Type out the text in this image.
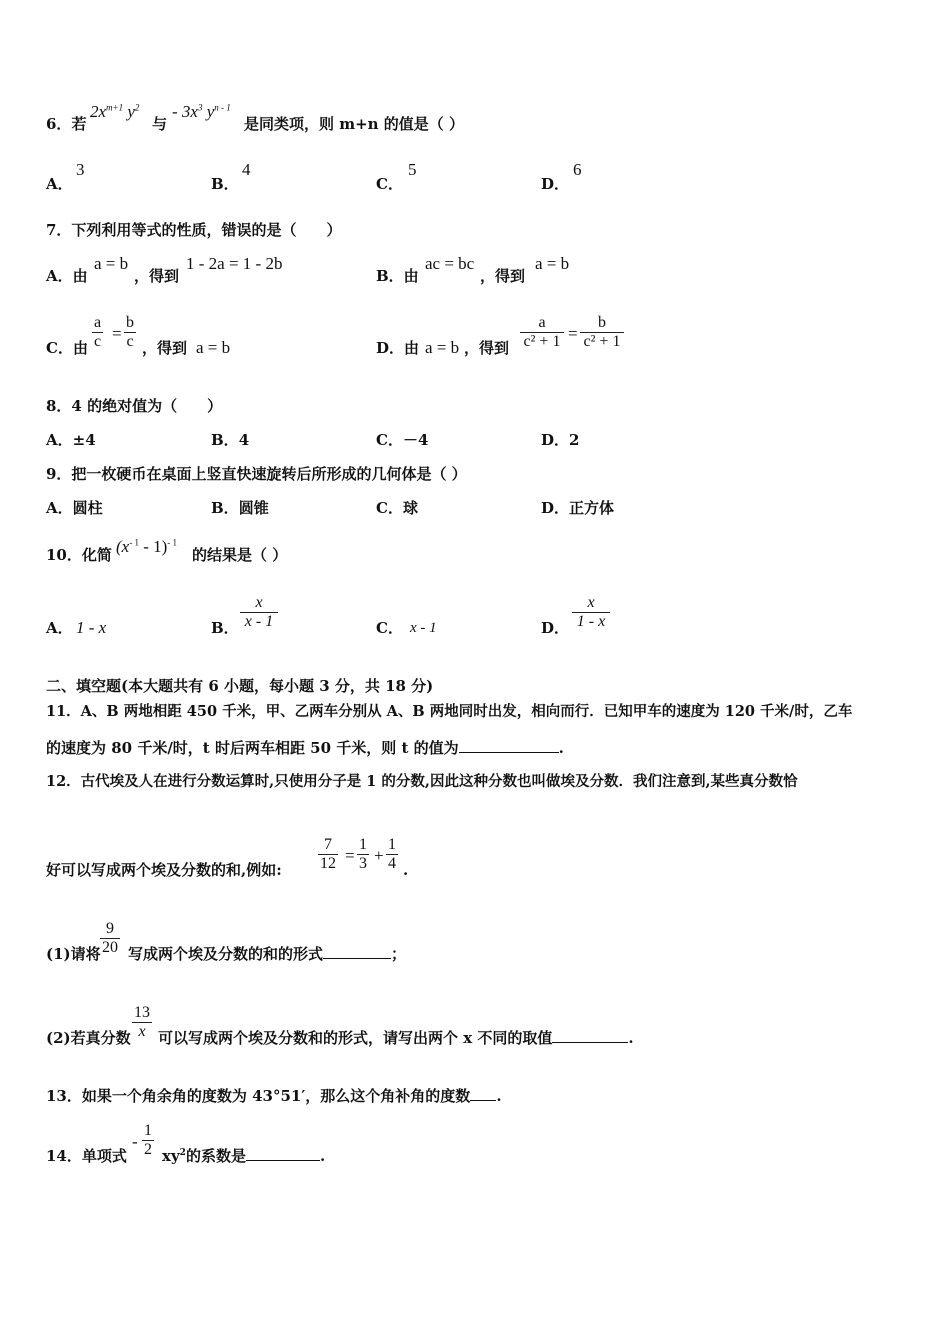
6．若
$2x^{m+1}$ $y^2$
与
- $3x^3$ $y^{n - 1}$
是同类项，则 m+n 的值是（ ）
A．
3
B．
4
C．
5
D．
6
7．下列利用等式的性质，错误的是（　　）
A．由
a = b
，得到
1 - 2a = 1 - 2b
B．由
ac = bc
，得到
a = b
C．由 $\frac{a}{c} = \frac{b}{c}$ ，得到 a = b	D．由 a = b ，得到 $\frac{a}{\text{c² + 1}} = \frac{b}{\text{c² + 1}}$
8．4 的绝对值为（　　）
A．±4	B．4	C．－4	D．2
9．把一枚硬币在桌面上竖直快速旋转后所形成的几何体是（ ）
A．圆柱	B．圆锥	C．球	D．正方体
10．化简 $(x^{- 1} - 1)^{- 1}$
的结果是（ ）
A． 1 - x	B． $\frac{x}{x - 1}$	C． x - 1	D． $\frac{x}{1 - x}$
二、填空题(本大题共有 6 小题，每小题 3 分，共 18 分)
11．A、B 两地相距 450 千米，甲、乙两车分别从 A、B 两地同时出发，相向而行．已知甲车的速度为 120 千米/时，乙车
的速度为 80 千米/时，t 时后两车相距 50 千米，则 t 的值为	.
12．古代埃及人在进行分数运算时,只使用分子是 1 的分数,因此这种分数也叫做埃及分数．我们注意到,某些真分数恰
好可以写成两个埃及分数的和,例如: $\frac{7}{12} = \frac{1}{3} + \frac{1}{4}$ .
(1)请将 $\frac{9}{20}$ 写成两个埃及分数的和的形式	；
(2)若真分数 $\frac{13}{x}$ 可以写成两个埃及分数和的形式，请写出两个 x 不同的取值	.
13．如果一个角余角的度数为 43°51′，那么这个角补角的度数 .
14．单项式
- $\frac{1}{2} xy^2$的系数是	.
